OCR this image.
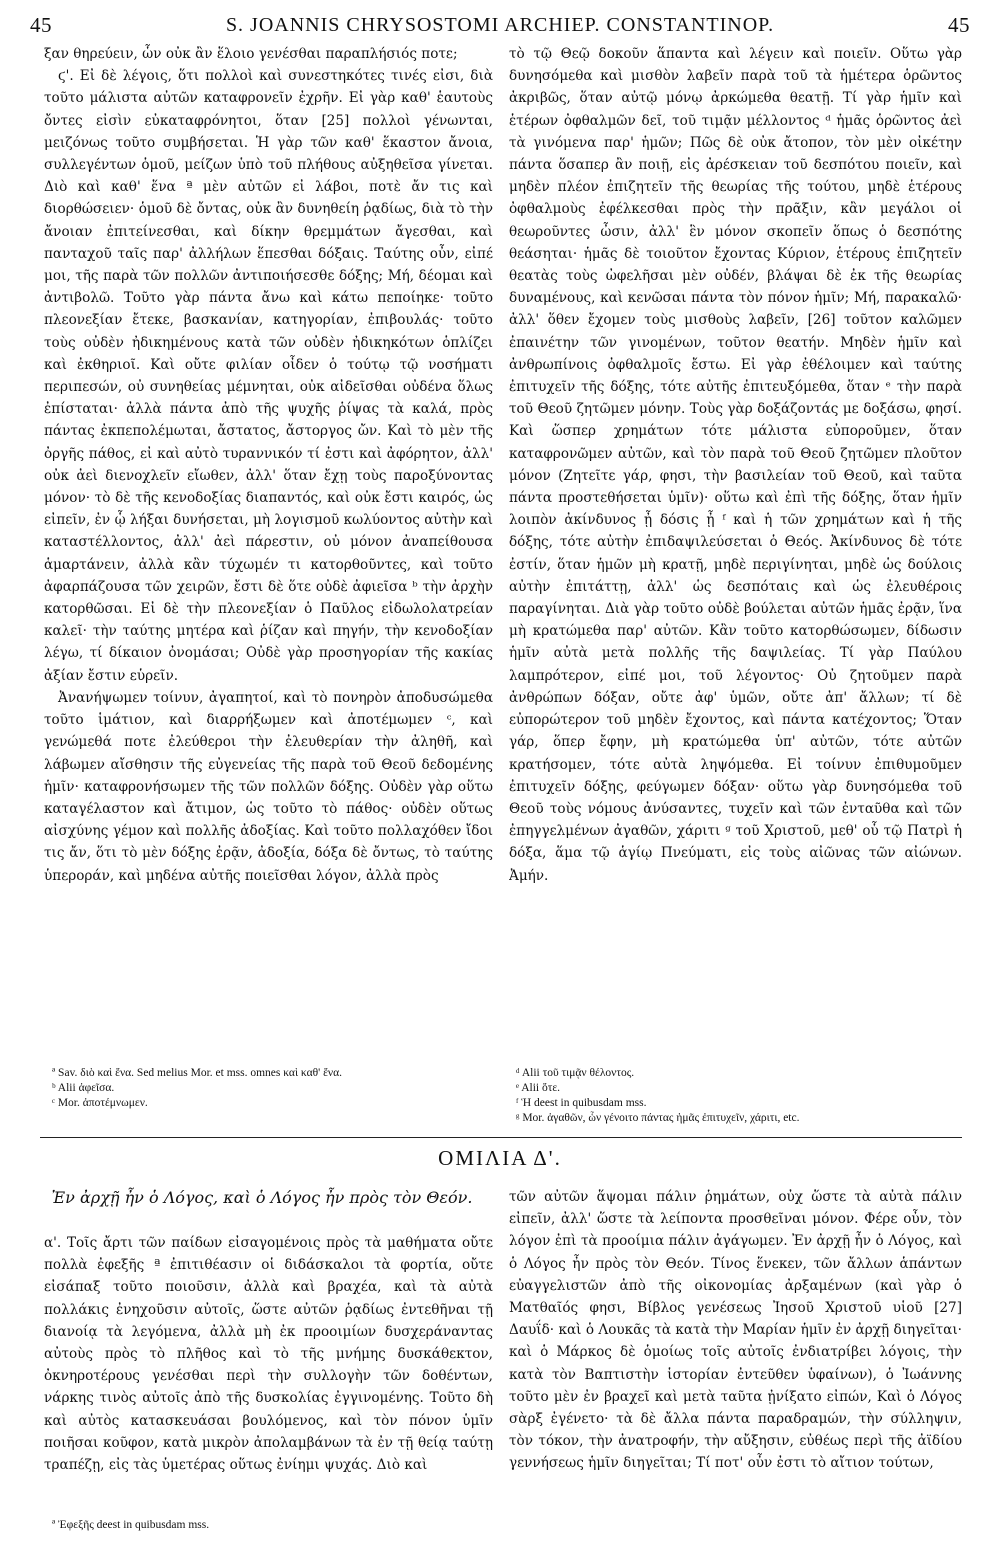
45	S. JOANNIS CHRYSOSTOMI ARCHIEP. CONSTANTINOP.	45

ξαν θηρεύειν, ὧν οὐκ ἂν ἕλοιο γενέσθαι παραπλήσιός ποτε;

ϛ'. Εἰ δὲ λέγοις, ὅτι πολλοὶ καὶ συνεστηκότες τινές εἰσι, διὰ τοῦτο μάλιστα αὐτῶν καταφρονεῖν ἐχρῆν. Εἰ γὰρ καθ' ἑαυτοὺς ὄντες εἰσὶν εὐκαταφρόνητοι, ὅταν [25] πολλοὶ γένωνται, μειζόνως τοῦτο συμβήσεται. Ἡ γὰρ τῶν καθ' ἕκαστον ἄνοια, συλλεγέντων ὁμοῦ, μείζων ὑπὸ τοῦ πλήθους αὐξηθεῖσα γίνεται. Διὸ καὶ καθ' ἕνα ª μὲν αὐτῶν εἰ λάβοι, ποτὲ ἄν τις καὶ διορθώσειεν· ὁμοῦ δὲ ὄντας, οὐκ ἂν δυνηθείη ῥᾳδίως, διὰ τὸ τὴν ἄνοιαν ἐπιτείνεσθαι, καὶ δίκην θρεμμάτων ἄγεσθαι, καὶ πανταχοῦ ταῖς παρ' ἀλλήλων ἕπεσθαι δόξαις. Ταύτης οὖν, εἰπέ μοι, τῆς παρὰ τῶν πολλῶν ἀντιποιήσεσθε δόξης; Μή, δέομαι καὶ ἀντιβολῶ. Τοῦτο γὰρ πάντα ἄνω καὶ κάτω πεποίηκε· τοῦτο πλεονεξίαν ἔτεκε, βασκανίαν, κατηγορίαν, ἐπιβουλάς· τοῦτο τοὺς οὐδὲν ἠδικημένους κατὰ τῶν οὐδὲν ἠδικηκότων ὁπλίζει καὶ ἐκθηριοῖ. Καὶ οὔτε φιλίαν οἶδεν ὁ τούτῳ τῷ νοσήματι περιπεσών, οὐ συνηθείας μέμνηται, οὐκ αἰδεῖσθαι οὐδένα ὅλως ἐπίσταται· ἀλλὰ πάντα ἀπὸ τῆς ψυχῆς ῥίψας τὰ καλά, πρὸς πάντας ἐκπεπολέμωται, ἄστατος, ἄστοργος ὤν. Καὶ τὸ μὲν τῆς ὀργῆς πάθος, εἰ καὶ αὐτὸ τυραννικόν τί ἐστι καὶ ἀφόρητον, ἀλλ' οὐκ ἀεὶ διενοχλεῖν εἴωθεν, ἀλλ' ὅταν ἔχῃ τοὺς παροξύνοντας μόνον· τὸ δὲ τῆς κενοδοξίας διαπαντός, καὶ οὐκ ἔστι καιρός, ὡς εἰπεῖν, ἐν ᾧ λήξαι δυνήσεται, μὴ λογισμοῦ κωλύοντος αὐτὴν καὶ καταστέλλοντος, ἀλλ' ἀεὶ πάρεστιν, οὐ μόνον ἀναπείθουσα ἁμαρτάνειν, ἀλλὰ κἂν τύχωμέν τι κατορθοῦντες, καὶ τοῦτο ἀφαρπάζουσα τῶν χειρῶν, ἔστι δὲ ὅτε οὐδὲ ἀφιεῖσα ᵇ τὴν ἀρχὴν κατορθῶσαι. Εἰ δὲ τὴν πλεονεξίαν ὁ Παῦλος εἰδωλολατρείαν καλεῖ· τὴν ταύτης μητέρα καὶ ῥίζαν καὶ πηγήν, τὴν κενοδοξίαν λέγω, τί δίκαιον ὀνομάσαι; Οὐδὲ γὰρ προσηγορίαν τῆς κακίας ἀξίαν ἔστιν εὑρεῖν.

Ἀνανήψωμεν τοίνυν, ἀγαπητοί, καὶ τὸ πονηρὸν ἀποδυσώμεθα τοῦτο ἱμάτιον, καὶ διαρρήξωμεν καὶ ἀποτέμωμεν ᶜ, καὶ γενώμεθά ποτε ἐλεύθεροι τὴν ἐλευθερίαν τὴν ἀληθῆ, καὶ λάβωμεν αἴσθησιν τῆς εὐγενείας τῆς παρὰ τοῦ Θεοῦ δεδομένης ἡμῖν· καταφρονήσωμεν τῆς τῶν πολλῶν δόξης. Οὐδὲν γὰρ οὕτω καταγέλαστον καὶ ἄτιμον, ὡς τοῦτο τὸ πάθος· οὐδὲν οὕτως αἰσχύνης γέμον καὶ πολλῆς ἀδοξίας. Καὶ τοῦτο πολλαχόθεν ἴδοι τις ἄν, ὅτι τὸ μὲν δόξης ἐρᾷν, ἀδοξία, δόξα δὲ ὄντως, τὸ ταύτης ὑπεροράν, καὶ μηδένα αὐτῆς ποιεῖσθαι λόγον, ἀλλὰ πρὸς

τὸ τῷ Θεῷ δοκοῦν ἅπαντα καὶ λέγειν καὶ ποιεῖν. Οὕτω γὰρ δυνησόμεθα καὶ μισθὸν λαβεῖν παρὰ τοῦ τὰ ἡμέτερα ὁρῶντος ἀκριβῶς, ὅταν αὐτῷ μόνῳ ἀρκώμεθα θεατῇ. Τί γὰρ ἡμῖν καὶ ἑτέρων ὀφθαλμῶν δεῖ, τοῦ τιμᾷν μέλλοντος ᵈ ἡμᾶς ὁρῶντος ἀεὶ τὰ γινόμενα παρ' ἡμῶν; Πῶς δὲ οὐκ ἄτοπον, τὸν μὲν οἰκέτην πάντα ὅσαπερ ἂν ποιῇ, εἰς ἀρέσκειαν τοῦ δεσπότου ποιεῖν, καὶ μηδὲν πλέον ἐπιζητεῖν τῆς θεωρίας τῆς τούτου, μηδὲ ἑτέρους ὀφθαλμοὺς ἐφέλκεσθαι πρὸς τὴν πρᾶξιν, κἂν μεγάλοι οἱ θεωροῦντες ὦσιν, ἀλλ' ἓν μόνον σκοπεῖν ὅπως ὁ δεσπότης θεάσηται· ἡμᾶς δὲ τοιοῦτον ἔχοντας Κύριον, ἑτέρους ἐπιζητεῖν θεατὰς τοὺς ὠφελῆσαι μὲν οὐδέν, βλάψαι δὲ ἐκ τῆς θεωρίας δυναμένους, καὶ κενῶσαι πάντα τὸν πόνον ἡμῖν; Μή, παρακαλῶ· ἀλλ' ὅθεν ἔχομεν τοὺς μισθοὺς λαβεῖν, [26] τοῦτον καλῶμεν ἐπαινέτην τῶν γινομένων, τοῦτον θεατήν. Μηδὲν ἡμῖν καὶ ἀνθρωπίνοις ὀφθαλμοῖς ἔστω. Εἰ γὰρ ἐθέλοιμεν καὶ ταύτης ἐπιτυχεῖν τῆς δόξης, τότε αὐτῆς ἐπιτευξόμεθα, ὅταν ᵉ τὴν παρὰ τοῦ Θεοῦ ζητῶμεν μόνην. Τοὺς γὰρ δοξάζοντάς με δοξάσω, φησί. Καὶ ὥσπερ χρημάτων τότε μάλιστα εὐποροῦμεν, ὅταν καταφρονῶμεν αὐτῶν, καὶ τὸν παρὰ τοῦ Θεοῦ ζητῶμεν πλοῦτον μόνον (Ζητεῖτε γάρ, φησι, τὴν βασιλείαν τοῦ Θεοῦ, καὶ ταῦτα πάντα προστεθήσεται ὑμῖν)· οὕτω καὶ ἐπὶ τῆς δόξης, ὅταν ἡμῖν λοιπὸν ἀκίνδυνος ᾖ δόσις ᾖ ᶠ καὶ ἡ τῶν χρημάτων καὶ ἡ τῆς δόξης, τότε αὐτὴν ἐπιδαψιλεύσεται ὁ Θεός. Ἀκίνδυνος δὲ τότε ἐστίν, ὅταν ἡμῶν μὴ κρατῇ, μηδὲ περιγίνηται, μηδὲ ὡς δούλοις αὐτὴν ἐπιτάττῃ, ἀλλ' ὡς δεσπόταις καὶ ὡς ἐλευθέροις παραγίνηται. Διὰ γὰρ τοῦτο οὐδὲ βούλεται αὐτῶν ἡμᾶς ἐρᾷν, ἵνα μὴ κρατώμεθα παρ' αὐτῶν. Κἂν τοῦτο κατορθώσωμεν, δίδωσιν ἡμῖν αὐτὰ μετὰ πολλῆς τῆς δαψιλείας. Τί γὰρ Παύλου λαμπρότερον, εἰπέ μοι, τοῦ λέγοντος· Οὐ ζητοῦμεν παρὰ ἀνθρώπων δόξαν, οὔτε ἀφ' ὑμῶν, οὔτε ἀπ' ἄλλων; τί δὲ εὐπορώτερον τοῦ μηδὲν ἔχοντος, καὶ πάντα κατέχοντος; Ὅταν γάρ, ὅπερ ἔφην, μὴ κρατώμεθα ὑπ' αὐτῶν, τότε αὐτῶν κρατήσομεν, τότε αὐτὰ ληψόμεθα. Εἰ τοίνυν ἐπιθυμοῦμεν ἐπιτυχεῖν δόξης, φεύγωμεν δόξαν· οὕτω γὰρ δυνησόμεθα τοῦ Θεοῦ τοὺς νόμους ἀνύσαντες, τυχεῖν καὶ τῶν ἐνταῦθα καὶ τῶν ἐπηγγελμένων ἀγαθῶν, χάριτι ᵍ τοῦ Χριστοῦ, μεθ' οὗ τῷ Πατρὶ ἡ δόξα, ἅμα τῷ ἁγίῳ Πνεύματι, εἰς τοὺς αἰῶνας τῶν αἰώνων. Ἀμήν.

ª Sav. διὸ καὶ ἕνα. Sed melius Mor. et mss. omnes καὶ καθ' ἕνα.
ᵇ Alii ἀφεῖσα.
ᶜ Mor. ἀποτέμνωμεν.
ᵈ Alii τοῦ τιμᾷν θέλοντος.
ᵉ Alii ὅτε.
ᶠ Ἡ deest in quibusdam mss.
ᵍ Mor. ἀγαθῶν, ὧν γένοιτο πάντας ἡμᾶς ἐπιτυχεῖν, χάριτι, etc.
ΟΜΙΛΙΑ Δ'.
Ἐν ἀρχῇ ἦν ὁ Λόγος, καὶ ὁ Λόγος ἦν πρὸς τὸν Θεόν.

α'. Τοῖς ἄρτι τῶν παίδων εἰσαγομένοις πρὸς τὰ μαθήματα οὔτε πολλὰ ἐφεξῆς ª ἐπιτιθέασιν οἱ διδάσκαλοι τὰ φορτία, οὔτε εἰσάπαξ τοῦτο ποιοῦσιν, ἀλλὰ καὶ βραχέα, καὶ τὰ αὐτὰ πολλάκις ἐνηχοῦσιν αὐτοῖς, ὥστε αὐτῶν ῥᾳδίως ἐντεθῆναι τῇ διανοίᾳ τὰ λεγόμενα, ἀλλὰ μὴ ἐκ προοιμίων δυσχεράναντας αὐτοὺς πρὸς τὸ πλῆθος καὶ τὸ τῆς μνήμης δυσκάθεκτον, ὀκνηροτέρους γενέσθαι περὶ τὴν συλλογὴν τῶν δοθέντων, νάρκης τινὸς αὐτοῖς ἀπὸ τῆς δυσκολίας ἐγγινομένης. Τοῦτο δὴ καὶ αὐτὸς κατασκευάσαι βουλόμενος, καὶ τὸν πόνον ὑμῖν ποιῆσαι κοῦφον, κατὰ μικρὸν ἀπολαμβάνων τὰ ἐν τῇ θείᾳ ταύτῃ τραπέζῃ, εἰς τὰς ὑμετέρας οὕτως ἐνίημι ψυχάς. Διὸ καὶ

τῶν αὐτῶν ἅψομαι πάλιν ῥημάτων, οὐχ ὥστε τὰ αὐτὰ πάλιν εἰπεῖν, ἀλλ' ὥστε τὰ λείποντα προσθεῖναι μόνον. Φέρε οὖν, τὸν λόγον ἐπὶ τὰ προοίμια πάλιν ἀγάγωμεν. Ἐν ἀρχῇ ἦν ὁ Λόγος, καὶ ὁ Λόγος ἦν πρὸς τὸν Θεόν. Τίνος ἕνεκεν, τῶν ἄλλων ἁπάντων εὐαγγελιστῶν ἀπὸ τῆς οἰκονομίας ἀρξαμένων (καὶ γὰρ ὁ Ματθαῖός φησι, Βίβλος γενέσεως Ἰησοῦ Χριστοῦ υἱοῦ [27] Δαυΐδ· καὶ ὁ Λουκᾶς τὰ κατὰ τὴν Μαρίαν ἡμῖν ἐν ἀρχῇ διηγεῖται· καὶ ὁ Μάρκος δὲ ὁμοίως τοῖς αὐτοῖς ἐνδιατρίβει λόγοις, τὴν κατὰ τὸν Βαπτιστὴν ἱστορίαν ἐντεῦθεν ὑφαίνων), ὁ Ἰωάννης τοῦτο μὲν ἐν βραχεῖ καὶ μετὰ ταῦτα ᾐνίξατο εἰπών, Καὶ ὁ Λόγος σὰρξ ἐγένετο· τὰ δὲ ἄλλα πάντα παραδραμών, τὴν σύλληψιν, τὸν τόκον, τὴν ἀνατροφήν, τὴν αὔξησιν, εὐθέως περὶ τῆς ἀϊδίου γεννήσεως ἡμῖν διηγεῖται; Τί ποτ' οὖν ἐστι τὸ αἴτιον τούτων,

ª Ἐφεξῆς deest in quibusdam mss.
